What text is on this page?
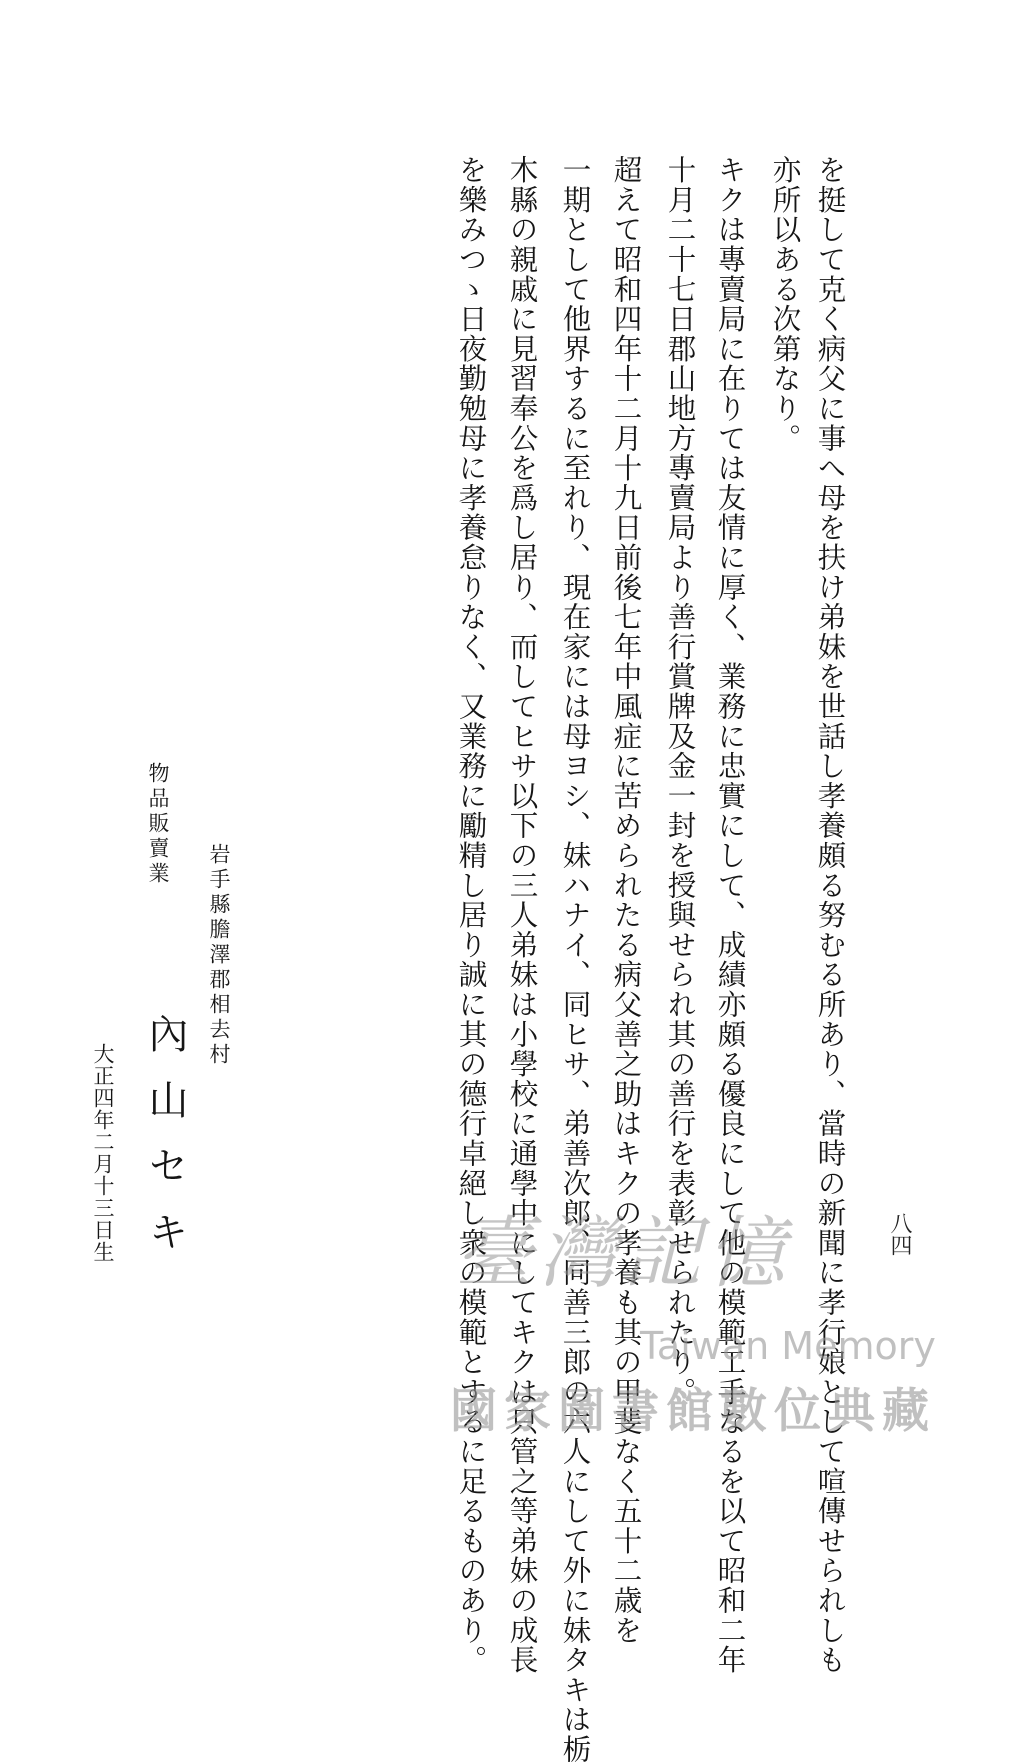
八四
を挺して克く病父に事へ母を扶け弟妹を世話し孝養頗る努むる所あり、當時の新聞に孝行娘として喧傳せられしも
亦所以ある次第なり。
キクは專賣局に在りては友情に厚く、業務に忠實にして、成績亦頗る優良にして他の模範工手なるを以て昭和二年
十月二十七日郡山地方專賣局より善行賞牌及金一封を授與せられ其の善行を表彰せられたり。
超えて昭和四年十二月十九日前後七年中風症に苦められたる病父善之助はキクの孝養も其の甲斐なく五十二歳を
一期として他界するに至れり、現在家には母ヨシ、妹ハナイ、同ヒサ、弟善次郎、同善三郎の六人にして外に妹タキは栃
木縣の親戚に見習奉公を爲し居り、而してヒサ以下の三人弟妹は小學校に通學中にしてキクは只管之等弟妹の成長
を樂みつゝ日夜勤勉母に孝養怠りなく、又業務に勵精し居り誠に其の德行卓絕し衆の模範とするに足るものあり。
岩手縣膽澤郡相去村
物品販賣業
內山セキ
大正四年二月十三日生	臺灣記憶
Taiwan Memory
國家圖書館數位典藏
